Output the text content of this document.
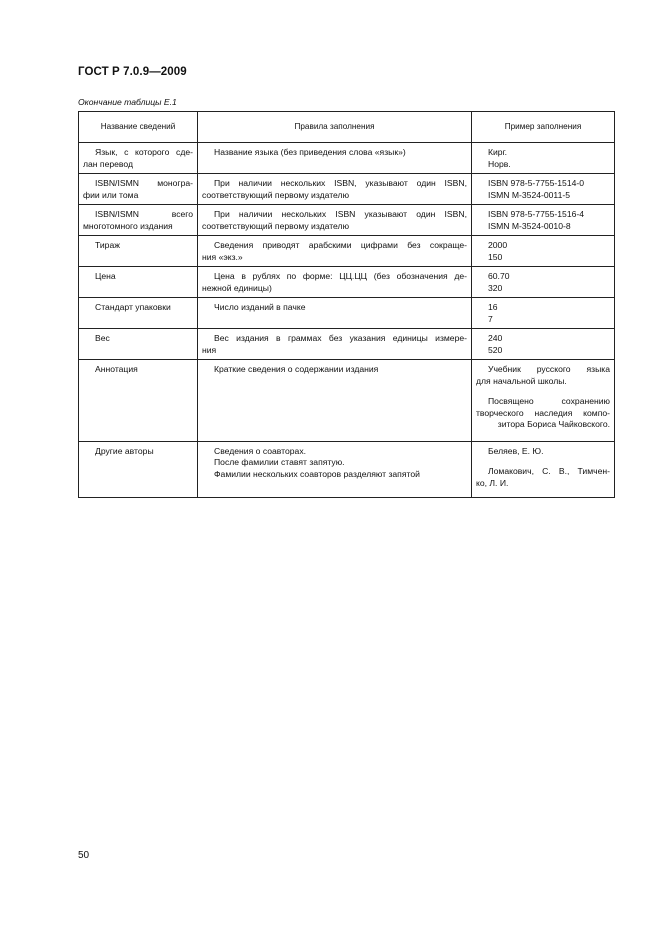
ГОСТ Р 7.0.9—2009
Окончание таблицы Е.1
Название сведений	Правила заполнения	Пример заполнения

Язык, с которого сде-
лан перевод	Название языка (без приведения слова «язык»)	Кирг.
Норв.

ISBN/ISMN моногра-
фии или тома	При наличии нескольких ISBN, указывают один ISBN,
соответствующий первому издателю	ISBN 978-5-7755-1514-0
ISMN M-3524-0011-5

ISBN/ISMN всего
многотомного издания	При наличии нескольких ISBN указывают один ISBN,
соответствующий первому издателю	ISBN 978-5-7755-1516-4
ISMN M-3524-0010-8

Тираж	Сведения приводят арабскими цифрами без сокраще-
ния «экз.»	2000
150

Цена	Цена в рублях по форме: ЦЦ.ЦЦ (без обозначения де-
нежной единицы)	60.70
320

Стандарт упаковки	Число изданий в пачке	16
7

Вес	Вес издания в граммах без указания единицы измере-
ния	240
520

Аннотация	Краткие сведения о содержании издания	Учебник русского языка
для начальной школы.
Посвящено сохранению
творческого наследия компо-
зитора Бориса Чайковского.

Другие авторы	Сведения о соавторах.
После фамилии ставят запятую.
Фамилии нескольких соавторов разделяют запятой	Беляев, Е. Ю.
Ломакович, С. В., Тимчен-
ко, Л. И.
50
